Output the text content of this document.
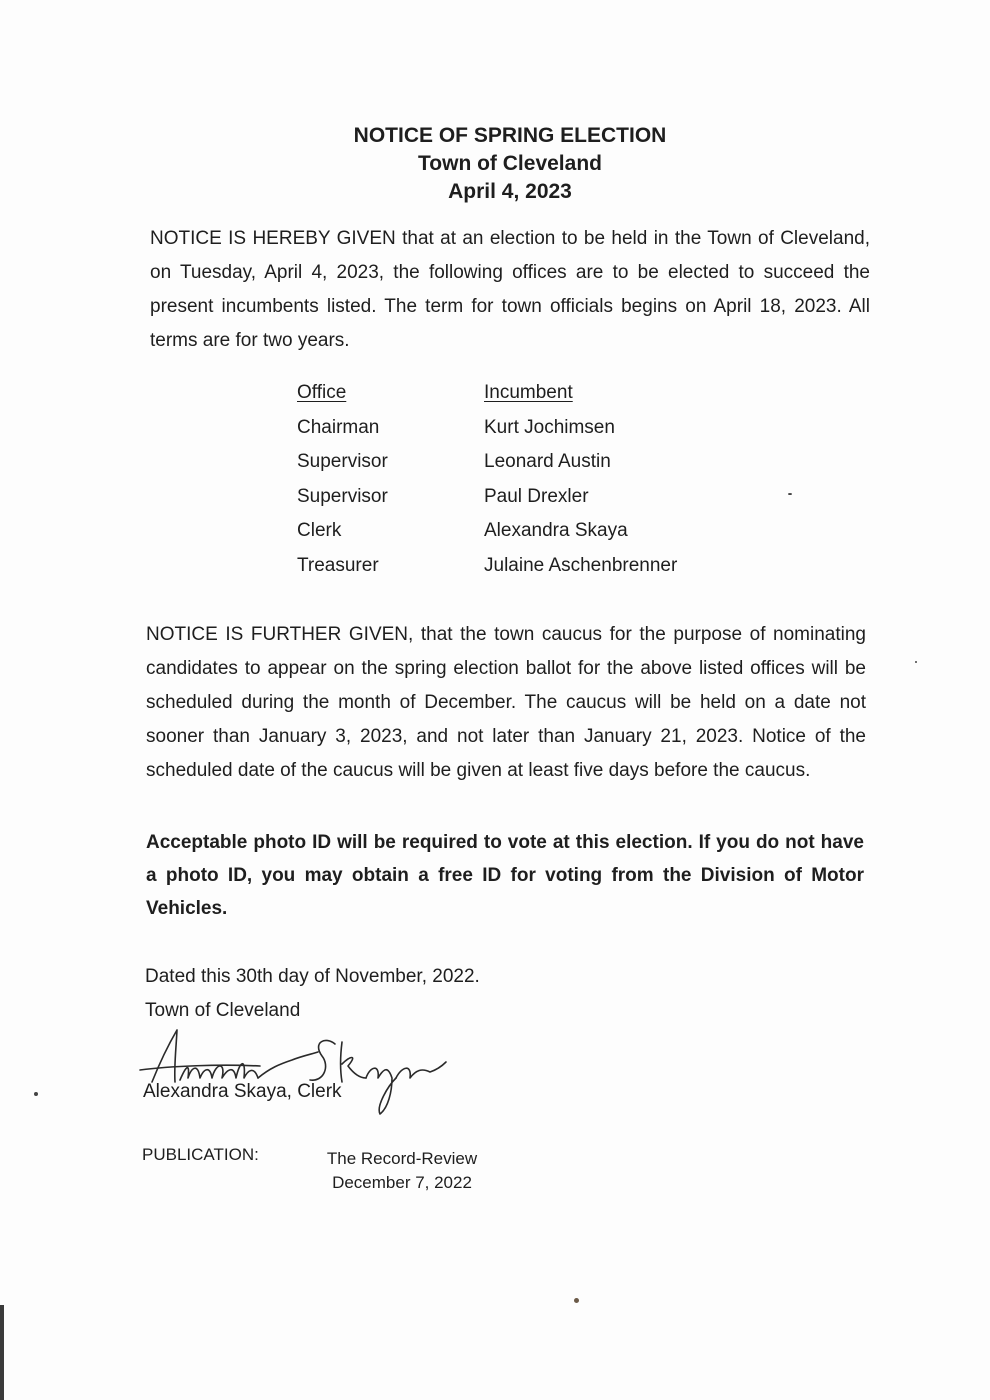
NOTICE OF SPRING ELECTION
Town of Cleveland
April 4, 2023
NOTICE IS HEREBY GIVEN that at an election to be held in the Town of Cleveland, on Tuesday, April 4, 2023, the following offices are to be elected to succeed the present incumbents listed. The term for town officials begins on April 18, 2023. All terms are for two years.
Office	Incumbent
Chairman	Kurt Jochimsen
Supervisor	Leonard Austin
Supervisor	Paul Drexler
Clerk	Alexandra Skaya
Treasurer	Julaine Aschenbrenner
NOTICE IS FURTHER GIVEN, that the town caucus for the purpose of nominating candidates to appear on the spring election ballot for the above listed offices will be scheduled during the month of December. The caucus will be held on a date not sooner than January 3, 2023, and not later than January 21, 2023. Notice of the scheduled date of the caucus will be given at least five days before the caucus.
Acceptable photo ID will be required to vote at this election. If you do not have a photo ID, you may obtain a free ID for voting from the Division of Motor Vehicles.
Dated this 30th day of November, 2022.
Town of Cleveland
Alexandra Skaya, Clerk
PUBLICATION:	The Record-Review
December 7, 2022
